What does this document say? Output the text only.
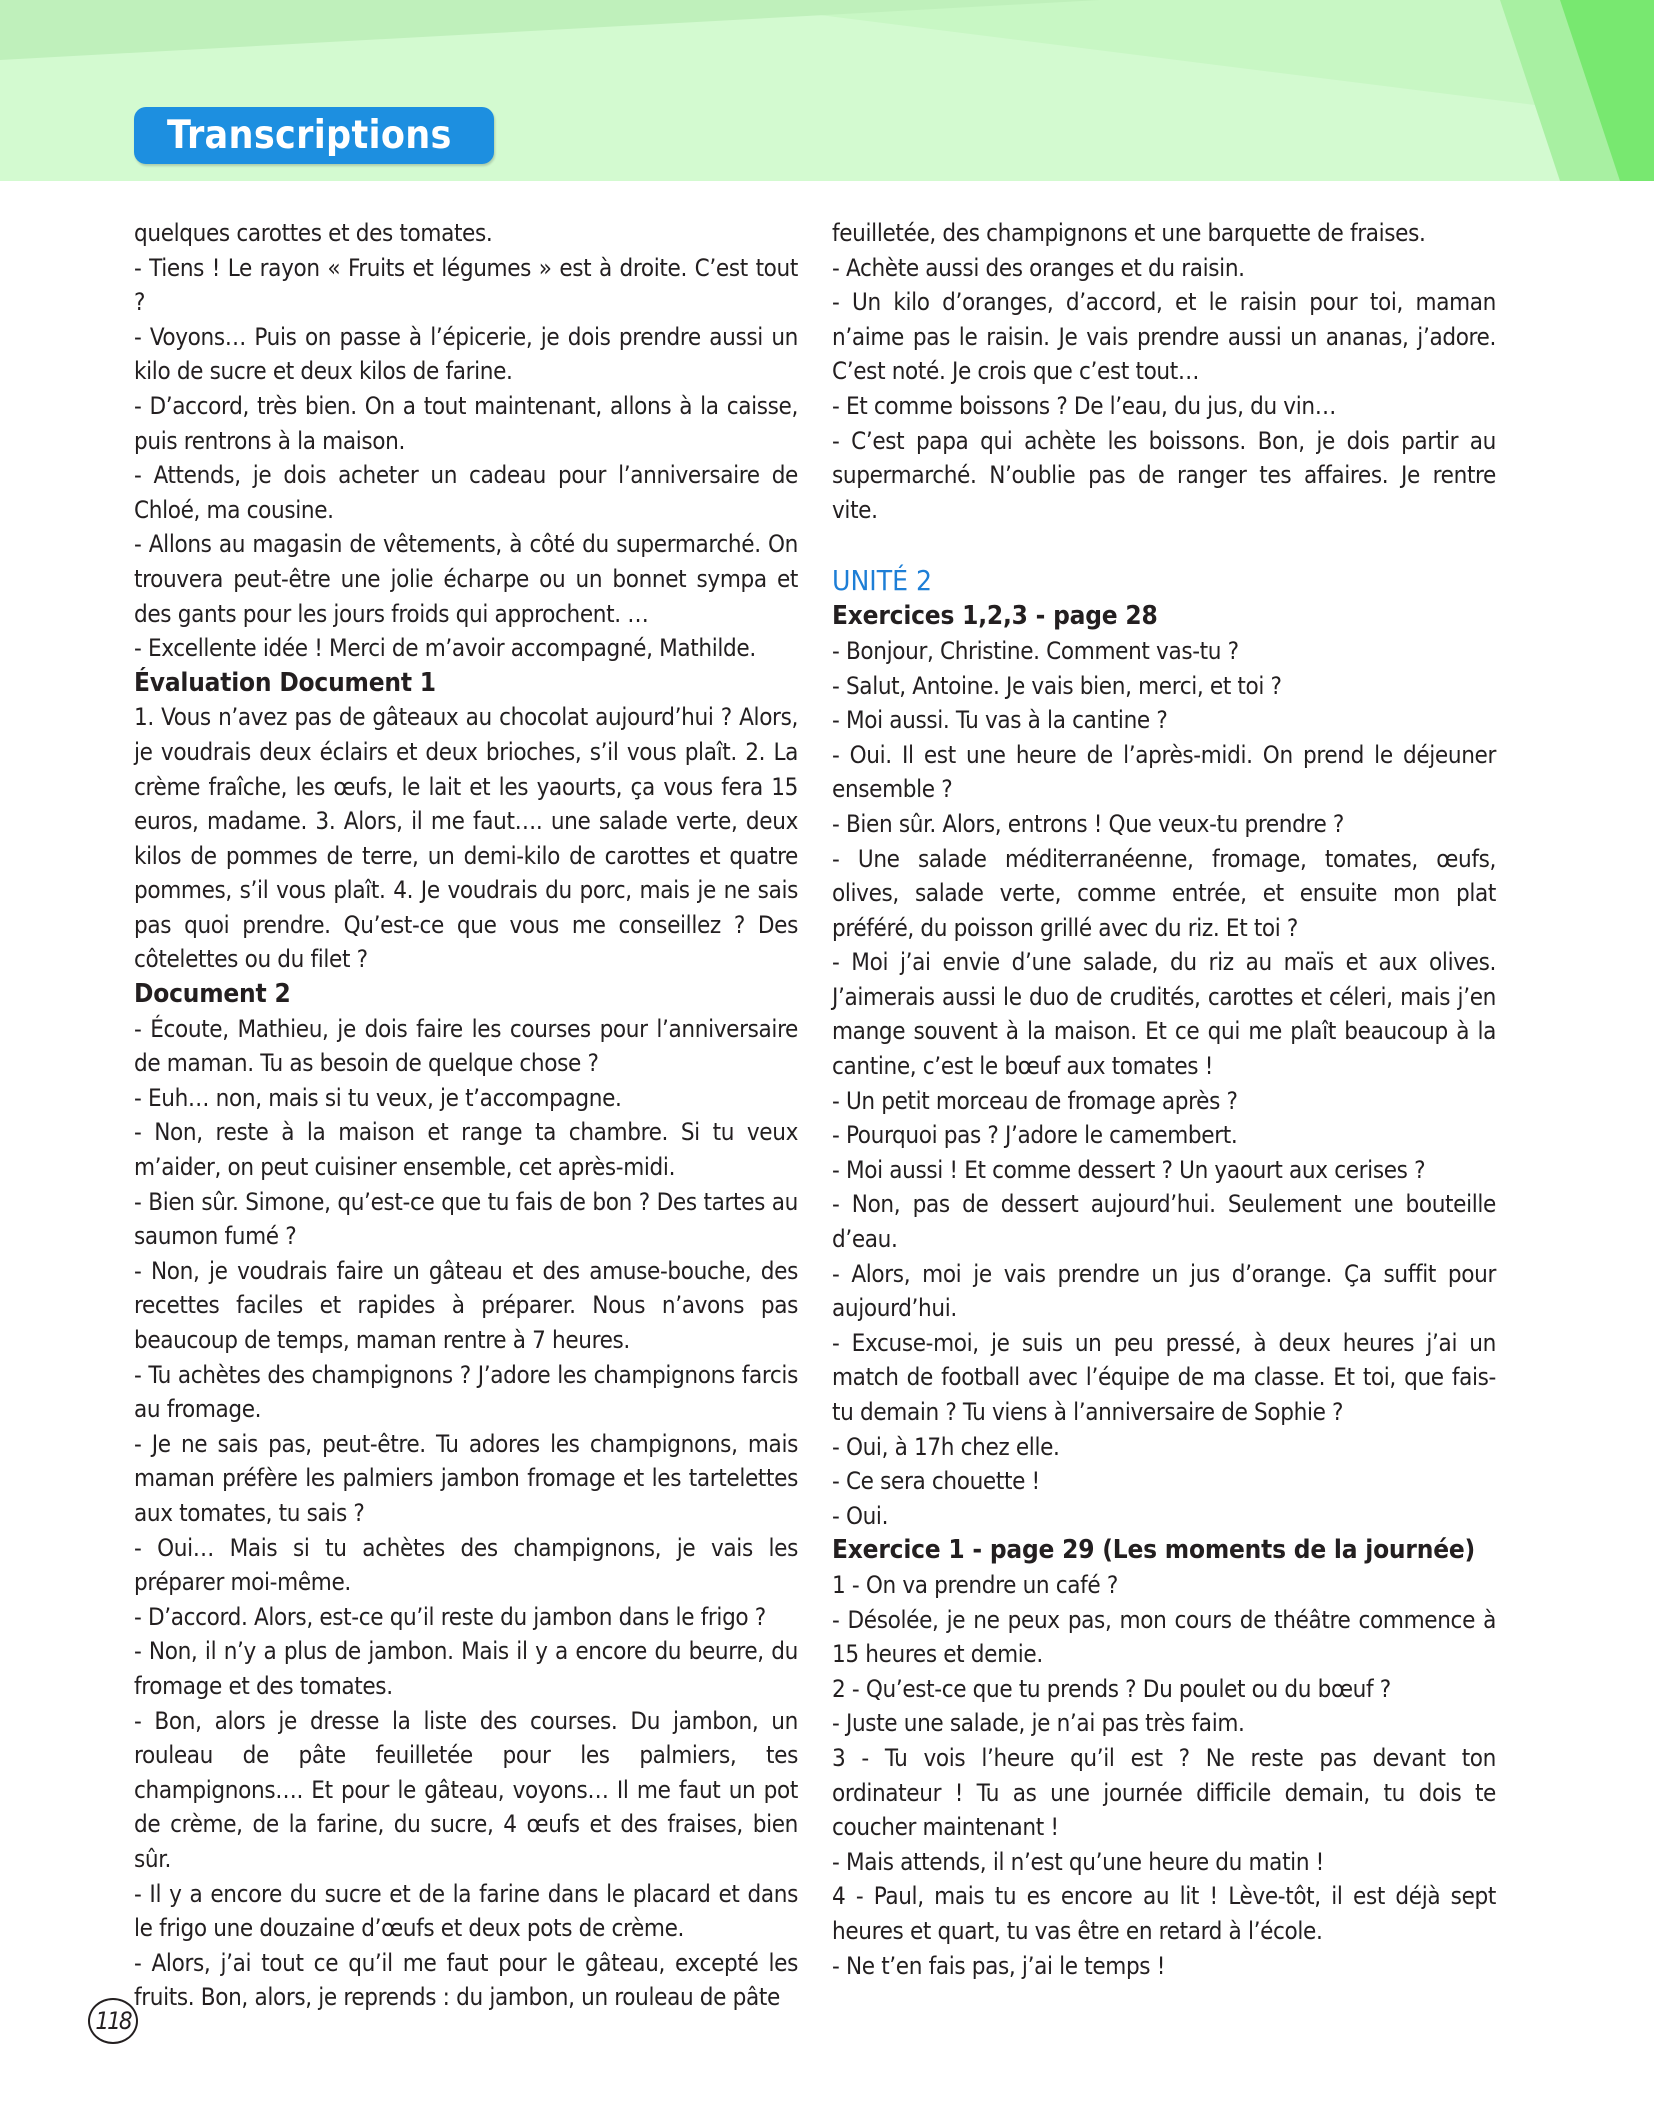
Transcriptions

quelques carottes et des tomates.

- Tiens ! Le rayon « Fruits et légumes » est à droite. C’est tout ?

- Voyons… Puis on passe à l’épicerie, je dois prendre aussi un kilo de sucre et deux kilos de farine.

- D’accord, très bien. On a tout maintenant, allons à la caisse, puis rentrons à la maison.

- Attends, je dois acheter un cadeau pour l’anniversaire de Chloé, ma cousine.

- Allons au magasin de vêtements, à côté du supermarché. On trouvera peut-être une jolie écharpe ou un bonnet sympa et des gants pour les jours froids qui approchent. …

- Excellente idée ! Merci de m’avoir accompagné, Mathilde.

Évaluation Document 1

1. Vous n’avez pas de gâteaux au chocolat aujourd’hui ? Alors, je voudrais deux éclairs et deux brioches, s’il vous plaît. 2. La crème fraîche, les œufs, le lait et les yaourts, ça vous fera 15 euros, madame. 3. Alors, il me faut…. une salade verte, deux kilos de pommes de terre, un demi-kilo de carottes et quatre pommes, s’il vous plaît. 4. Je voudrais du porc, mais je ne sais pas quoi prendre. Qu’est-ce que vous me conseillez ? Des côtelettes ou du filet ?

Document 2

- Écoute, Mathieu, je dois faire les courses pour l’anniversaire de maman. Tu as besoin de quelque chose ?

- Euh… non, mais si tu veux, je t’accompagne.

- Non, reste à la maison et range ta chambre. Si tu veux m’aider, on peut cuisiner ensemble, cet après-midi.

- Bien sûr. Simone, qu’est-ce que tu fais de bon ? Des tartes au saumon fumé ?

- Non, je voudrais faire un gâteau et des amuse-bouche, des recettes faciles et rapides à préparer. Nous n’avons pas beaucoup de temps, maman rentre à 7 heures.

- Tu achètes des champignons ? J’adore les champignons farcis au fromage.

- Je ne sais pas, peut-être. Tu adores les champignons, mais maman préfère les palmiers jambon fromage et les tartelettes aux tomates, tu sais ?

- Oui… Mais si tu achètes des champignons, je vais les préparer moi-même.

- D’accord. Alors, est-ce qu’il reste du jambon dans le frigo ?

- Non, il n’y a plus de jambon. Mais il y a encore du beurre, du fromage et des tomates.

- Bon, alors je dresse la liste des courses. Du jambon, un rouleau de pâte feuilletée pour les palmiers, tes champignons…. Et pour le gâteau, voyons… Il me faut un pot de crème, de la farine, du sucre, 4 œufs et des fraises, bien sûr.

- Il y a encore du sucre et de la farine dans le placard et dans le frigo une douzaine d’œufs et deux pots de crème.

- Alors, j’ai tout ce qu’il me faut pour le gâteau, excepté les fruits. Bon, alors, je reprends : du jambon, un rouleau de pâte

feuilletée, des champignons et une barquette de fraises.

- Achète aussi des oranges et du raisin.

- Un kilo d’oranges, d’accord, et le raisin pour toi, maman n’aime pas le raisin. Je vais prendre aussi un ananas, j’adore. C’est noté. Je crois que c’est tout…

- Et comme boissons ? De l’eau, du jus, du vin…

- C’est papa qui achète les boissons. Bon, je dois partir au supermarché. N’oublie pas de ranger tes affaires. Je rentre vite.

UNITÉ 2

Exercices 1,2,3 - page 28

- Bonjour, Christine. Comment vas-tu ?

- Salut, Antoine. Je vais bien, merci, et toi ?

- Moi aussi. Tu vas à la cantine ?

- Oui. Il est une heure de l’après-midi. On prend le déjeuner ensemble ?

- Bien sûr. Alors, entrons ! Que veux-tu prendre ?

- Une salade méditerranéenne, fromage, tomates, œufs, olives, salade verte, comme entrée, et ensuite mon plat préféré, du poisson grillé avec du riz. Et toi ?

- Moi j’ai envie d’une salade, du riz au maïs et aux olives. J’aimerais aussi le duo de crudités, carottes et céleri, mais j’en mange souvent à la maison. Et ce qui me plaît beaucoup à la cantine, c’est le bœuf aux tomates !

- Un petit morceau de fromage après ?

- Pourquoi pas ? J’adore le camembert.

- Moi aussi ! Et comme dessert ? Un yaourt aux cerises ?

- Non, pas de dessert aujourd’hui. Seulement une bouteille d’eau.

- Alors, moi je vais prendre un jus d’orange. Ça suffit pour aujourd’hui.

- Excuse-moi, je suis un peu pressé, à deux heures j’ai un match de football avec l’équipe de ma classe. Et toi, que fais-tu demain ? Tu viens à l’anniversaire de Sophie ?

- Oui, à 17h chez elle.

- Ce sera chouette !

- Oui.

Exercice 1 - page 29 (Les moments de la journée)

1 - On va prendre un café ?

- Désolée, je ne peux pas, mon cours de théâtre commence à 15 heures et demie.

2 - Qu’est-ce que tu prends ? Du poulet ou du bœuf ?

- Juste une salade, je n’ai pas très faim.

3 - Tu vois l’heure qu’il est ? Ne reste pas devant ton ordinateur ! Tu as une journée difficile demain, tu dois te coucher maintenant !

- Mais attends, il n’est qu’une heure du matin !

4 - Paul, mais tu es encore au lit ! Lève-tôt, il est déjà sept heures et quart, tu vas être en retard à l’école.

- Ne t’en fais pas, j’ai le temps !

118
